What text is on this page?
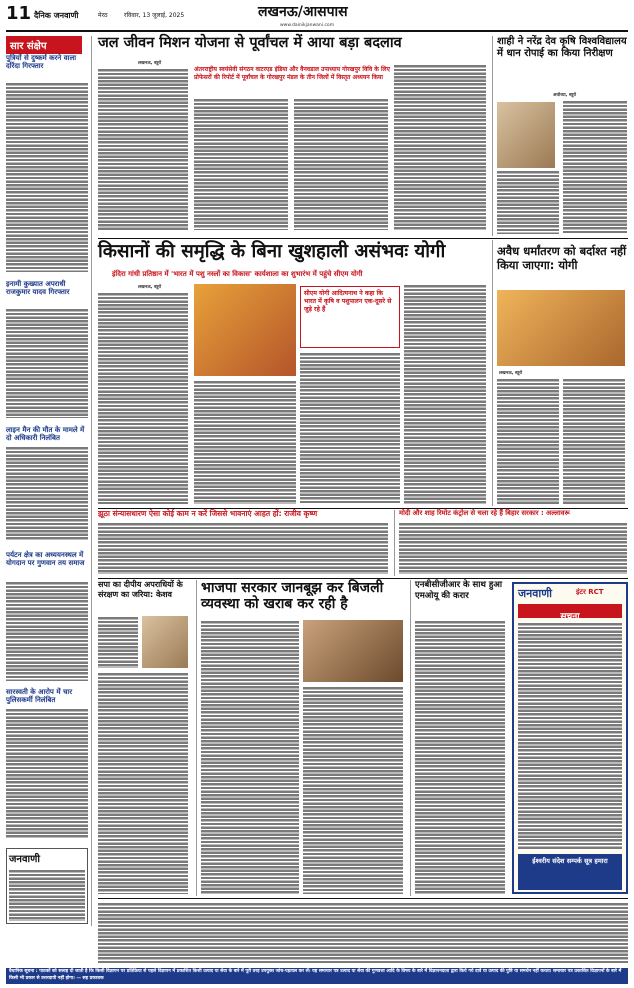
11 दैनिक जनवाणी	मेरठ	रविवार, 13 जुलाई, 2025	लखनऊ/आसपास
www.dainikjanwani.com
सार संक्षेप
पुत्रियों से दुष्कर्म करने वाला दरिंदा गिरफ्तार
इनामी कुख्यात अपराधी राजकुमार यादव गिरफ्तार
लाइन मैन की मौत के मामले में दो अधिकारी निलंबित
पर्यटन क्षेत्र का अध्ययनस्थल में योगदान पर गुणवान तय समाज
सारस्वती के आरोप में चार पुलिसकर्मी निलंबित
जनवाणी
जल जीवन मिशन योजना से पूर्वांचल में आया बड़ा बदलाव
लखनऊ, ब्यूरो
अंतरराष्ट्रीय स्वयंसेवी संगठन वाटरएड इंडिया और वैनवडाल उपाध्याय गोरखपुर विवि के लिए प्रोफेसरों की रिपोर्ट में पूर्वांचल के गोरखपुर मंडल के तीन जिलों में विस्तृत अध्ययन किया
शाही ने नरेंद्र देव कृषि विश्वविद्यालय में धान रोपाई का किया निरीक्षण
अयोध्या, ब्यूरो
किसानों की समृद्धि के बिना खुशहाली असंभवः योगी
इंदिरा गांधी प्रतिष्ठान में 'भारत में पशु नस्लों का विकास' कार्यशाला का शुभारंभ में पहुंचे सीएम योगी
लखनऊ, ब्यूरो
सीएम योगी आदित्यनाथ ने कहा कि भारत में कृषि व पशुपालन एक-दूसरे से जुड़े रहे हैं
अवैध धर्मांतरण को बर्दाश्त नहीं किया जाएगा: योगी
लखनऊ, ब्यूरो
झूठा संन्यासधारण ऐसा कोई काम न करें जिससे भावनाएं आहत हों: राजीव कृष्ण	मोदी और शाह रिमोट कंट्रोल से चला रहे हैं बिहार सरकार : अल्लावरू
सपा का दीपीय अपराधियों के संरक्षण का जरिया: केशव	भाजपा सरकार जानबूझ कर बिजली व्यवस्था को खराब कर रही है
एनबीसीजीआर के साथ हुआ एमओयू की करार	जनवाणी	इंटर RCT
सूचना
ईश्वरीय संदेश सम्पर्क सूत्र हमारा
वैधानिक सूचना : पाठकों को सलाह दी जाती है कि किसी विज्ञापन पर प्रतिक्रिया से पहले विज्ञापन में प्रकाशित किसी उत्पाद या सेवा के बारे में पूरी तरह उपयुक्त जांच-पड़ताल कर लें। यह समाचार पत्र उत्पाद या सेवा की गुणवत्ता आदि के विषय के बारे में विज्ञापनदाता द्वारा किये गये दावे या उत्पाद की पुष्टि या समर्थन नहीं करता। समाचार पत्र प्रकाशित विज्ञापनों के बारे में किसी भी प्रकार से उत्तरदायी नहीं होगा। — सह प्रकाशक
